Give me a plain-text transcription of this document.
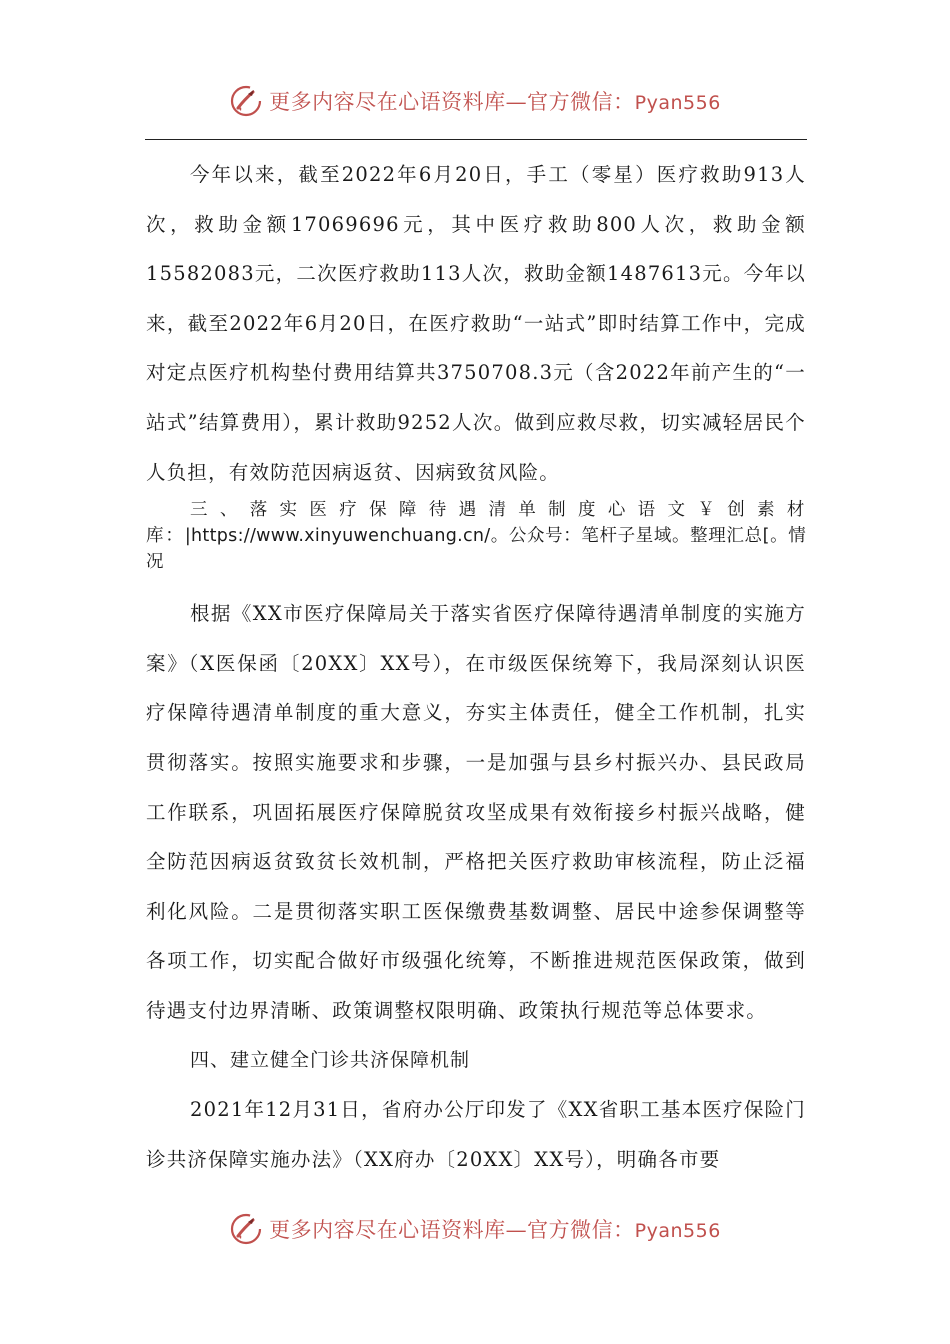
更多内容尽在心语资料库—官方微信：Pyan556

今年以来，截至2022年6月20日，手工（零星）医疗救助913人次，救助金额17069696元，其中医疗救助800人次，救助金额15582083元，二次医疗救助113人次，救助金额1487613元。今年以来，截至2022年6月20日，在医疗救助“一站式”即时结算工作中，完成对定点医疗机构垫付费用结算共3750708.3元（含2022年前产生的“一站式”结算费用），累计救助9252人次。做到应救尽救，切实减轻居民个人负担，有效防范因病返贫、因病致贫风险。

三、落实医疗保障待遇清单制度心语文￥创素材库：|https://www.xinyuwenchuang.cn/。公众号：笔杆子星域。整理汇总[。情况

根据《XX市医疗保障局关于落实省医疗保障待遇清单制度的实施方案》（X医保函〔20XX〕XX号），在市级医保统筹下，我局深刻认识医疗保障待遇清单制度的重大意义，夯实主体责任，健全工作机制，扎实贯彻落实。按照实施要求和步骤，一是加强与县乡村振兴办、县民政局工作联系，巩固拓展医疗保障脱贫攻坚成果有效衔接乡村振兴战略，健全防范因病返贫致贫长效机制，严格把关医疗救助审核流程，防止泛福利化风险。二是贯彻落实职工医保缴费基数调整、居民中途参保调整等各项工作，切实配合做好市级强化统筹，不断推进规范医保政策，做到待遇支付边界清晰、政策调整权限明确、政策执行规范等总体要求。

四、建立健全门诊共济保障机制

2021年12月31日，省府办公厅印发了《XX省职工基本医疗保险门诊共济保障实施办法》（XX府办〔20XX〕XX号），明确各市要

更多内容尽在心语资料库—官方微信：Pyan556
